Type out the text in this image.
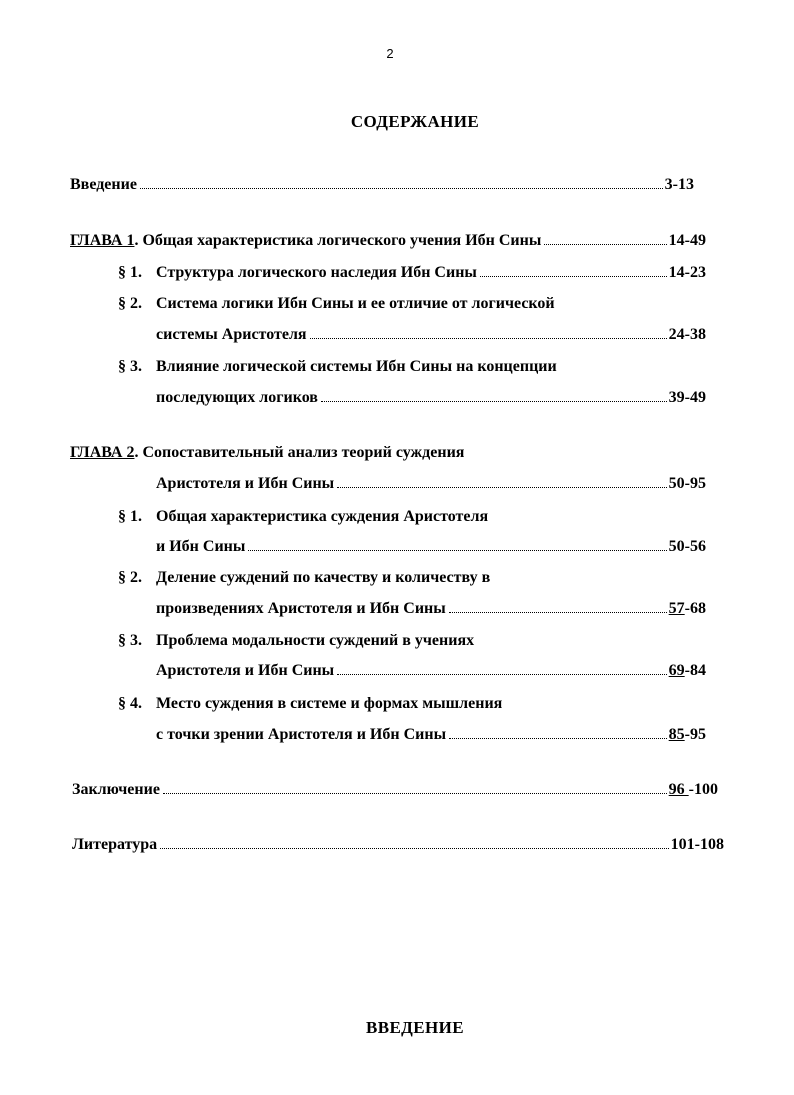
2
СОДЕРЖАНИЕ
Введение	3-13
ГЛАВА 1. Общая характеристика логического учения Ибн Сины	14-49
§ 1. Структура логического наследия Ибн Сины	14-23
§ 2. Система логики Ибн Сины и ее отличие от логической
системы Аристотеля	24-38
§ 3. Влияние логической системы Ибн Сины на концепции
последующих логиков	39-49
ГЛАВА 2. Сопоставительный анализ теорий суждения
Аристотеля и Ибн Сины	50-95
§ 1. Общая характеристика суждения Аристотеля
и Ибн Сины	50-56
§ 2. Деление суждений по качеству и количеству в
произведениях Аристотеля и Ибн Сины	57-68
§ 3. Проблема модальности суждений в учениях
Аристотеля и Ибн Сины	69-84
§ 4. Место суждения в системе и формах мышления
с точки зрении Аристотеля и Ибн Сины	85-95
Заключение	96 -100
Литература	101-108
ВВЕДЕНИЕ
